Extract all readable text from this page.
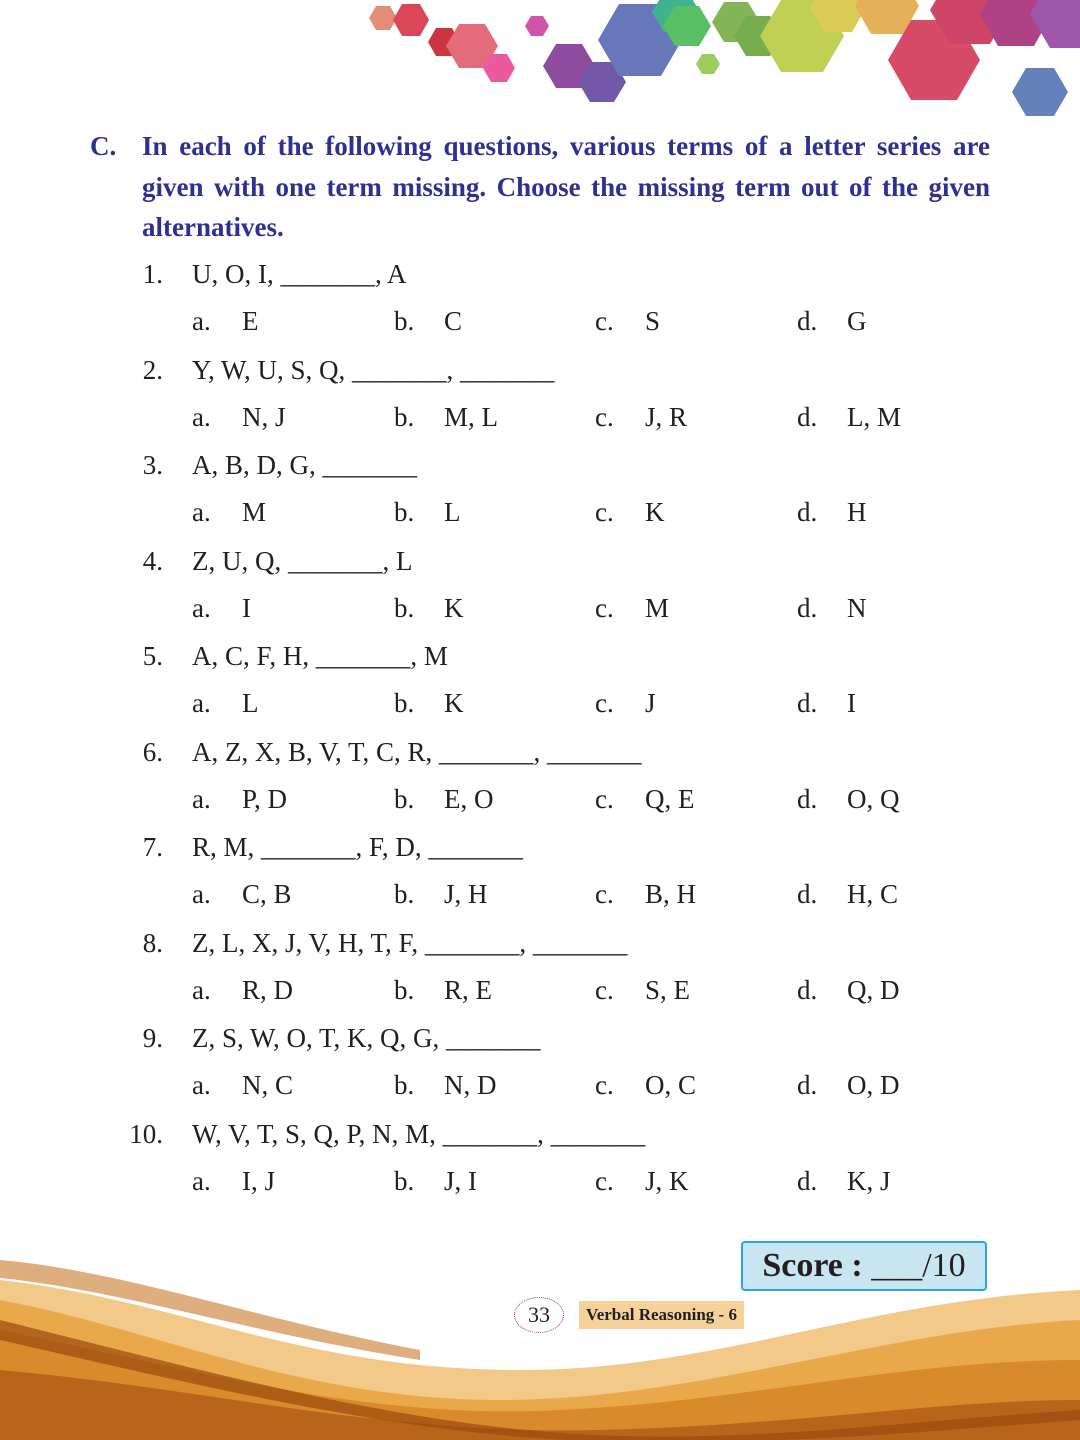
C. In each of the following questions, various terms of a letter series are given with one term missing. Choose the missing term out of the given alternatives.
1. U, O, I, _______, A
a. E	b. C	c. S	d. G
2. Y, W, U, S, Q, _______, _______
a. N, J	b. M, L	c. J, R	d. L, M
3. A, B, D, G, _______
a. M	b. L	c. K	d. H
4. Z, U, Q, _______, L
a. I	b. K	c. M	d. N
5. A, C, F, H, _______, M
a. L	b. K	c. J	d. I
6. A, Z, X, B, V, T, C, R, _______, _______
a. P, D	b. E, O	c. Q, E	d. O, Q
7. R, M, _______, F, D, _______
a. C, B	b. J, H	c. B, H	d. H, C
8. Z, L, X, J, V, H, T, F, _______, _______
a. R, D	b. R, E	c. S, E	d. Q, D
9. Z, S, W, O, T, K, Q, G, _______
a. N, C	b. N, D	c. O, C	d. O, D
10. W, V, T, S, Q, P, N, M, _______, _______
a. I, J	b. J, I	c. J, K	d. K, J
Score : ___/10
33	Verbal Reasoning - 6
